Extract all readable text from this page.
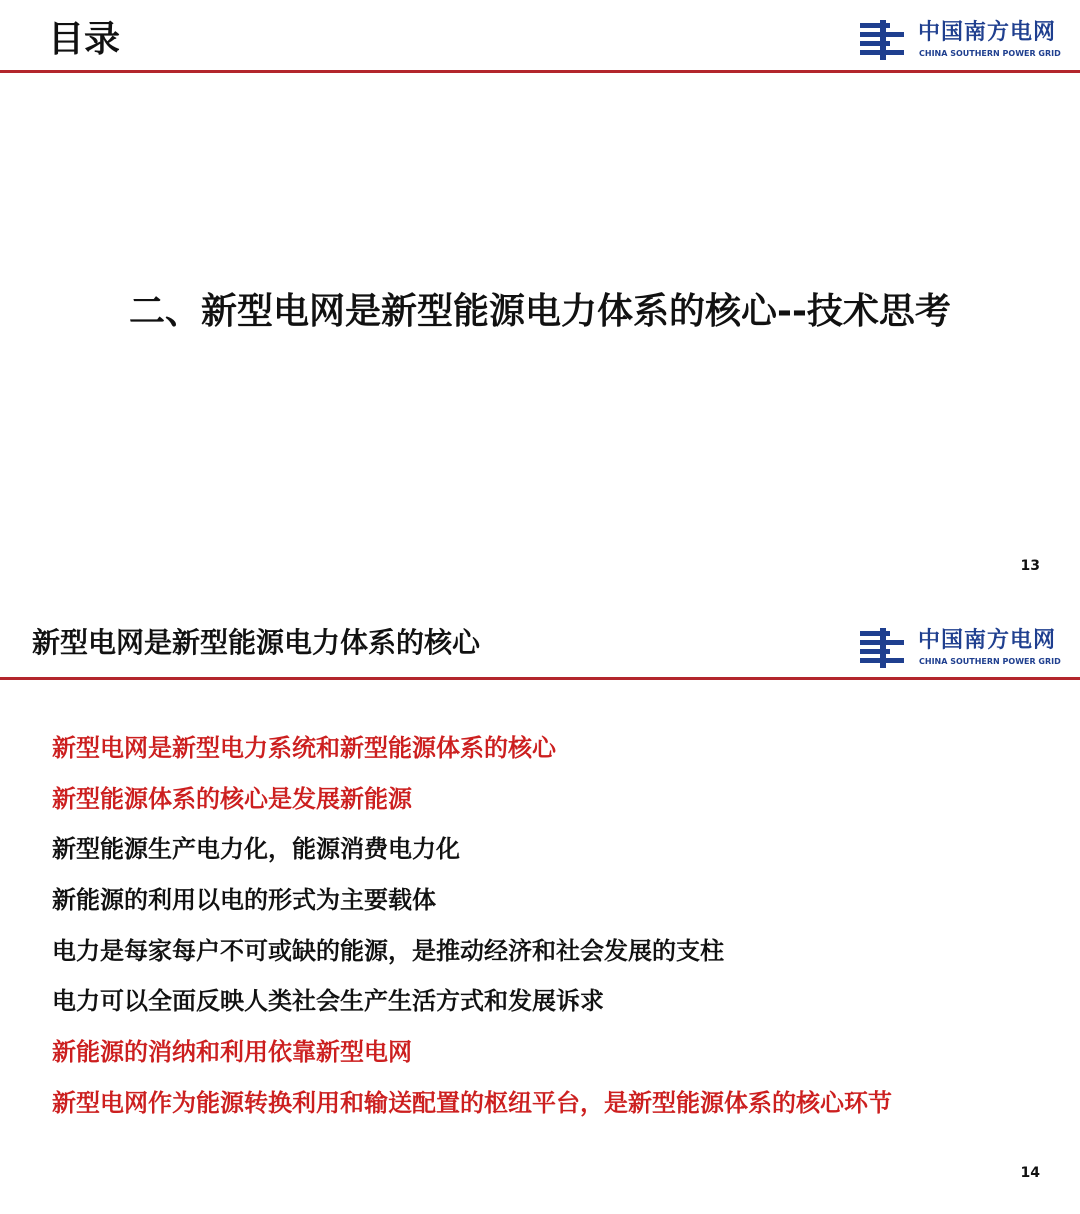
目录	中国南方电网
CHINA SOUTHERN POWER GRID
二、新型电网是新型能源电力体系的核心--技术思考
13
新型电网是新型能源电力体系的核心	中国南方电网
CHINA SOUTHERN POWER GRID
新型电网是新型电力系统和新型能源体系的核心
新型能源体系的核心是发展新能源
新型能源生产电力化，能源消费电力化
新能源的利用以电的形式为主要载体
电力是每家每户不可或缺的能源，是推动经济和社会发展的支柱
电力可以全面反映人类社会生产生活方式和发展诉求
新能源的消纳和利用依靠新型电网
新型电网作为能源转换利用和输送配置的枢纽平台，是新型能源体系的核心环节
14
